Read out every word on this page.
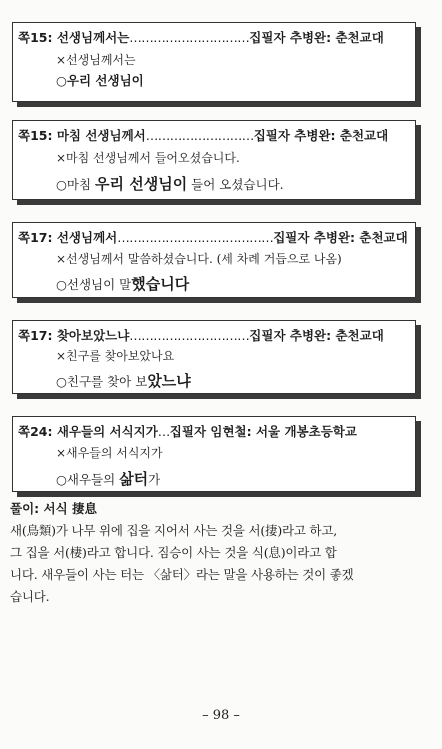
쪽15: 선생님께서는…………………………집필자 추병완: 춘천교대
×선생님께서는
○우리 선생님이
쪽15: 마침 선생님께서………………………집필자 추병완: 춘천교대
×마침 선생님께서 들어오셨습니다.
○마침 우리 선생님이 들어 오셨습니다.
쪽17: 선생님께서…………………………………집필자 추병완: 춘천교대
×선생님께서 말씀하셨습니다. (세 차례 거듭으로 나옴)
○선생님이 말했습니다
쪽17: 찾아보았느냐…………………………집필자 추병완: 춘천교대
×친구를 찾아보았나요
○친구를 찾아 보았느냐
쪽24: 새우들의 서식지가…집필자 임현철: 서울 개봉초등학교
×새우들의 서식지가
○새우들의 삶터가
풀이: 서식 捿息
새(鳥類)가 나무 위에 집을 지어서 사는 것을 서(捿)라고 하고,
그 집을 서(棲)라고 합니다. 짐승이 사는 것을 식(息)이라고 합
니다. 새우들이 사는 터는 〈삶터〉라는 말을 사용하는 것이 좋겠
습니다.
– 98 –
